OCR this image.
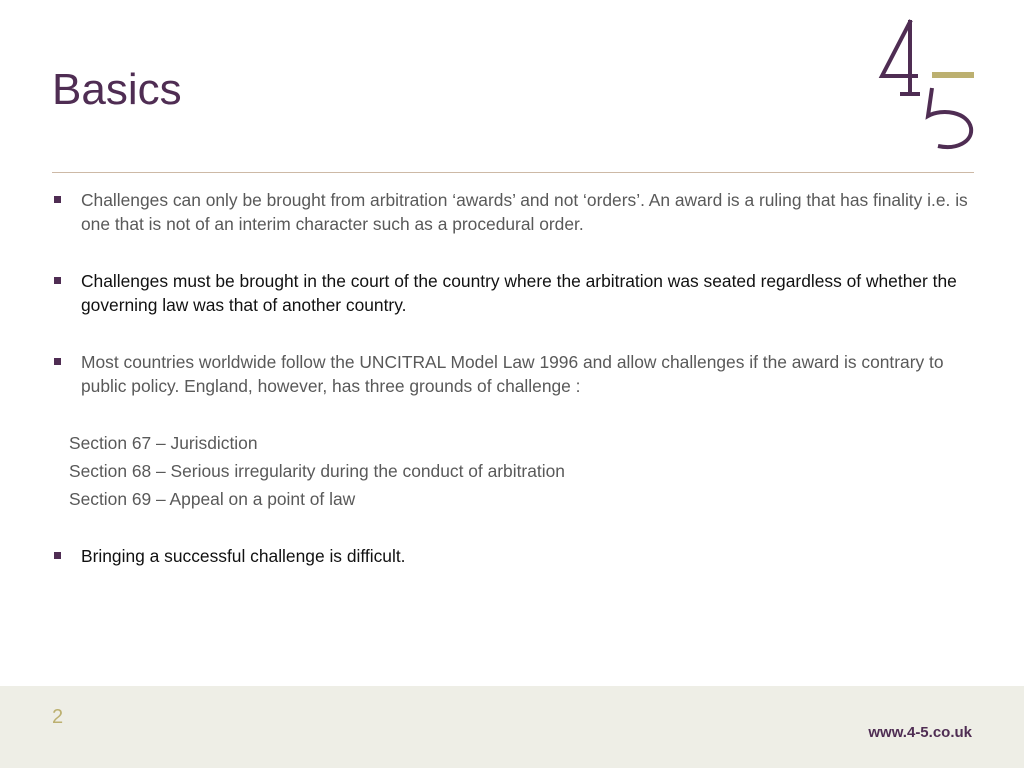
Basics
Challenges can only be brought from arbitration ‘awards’ and not ‘orders’. An award is a ruling that has finality i.e. is one that is not of an interim character such as a procedural order.
Challenges must be brought in the court of the country where the arbitration was seated regardless of whether the governing law was that of another country.
Most countries worldwide follow the UNCITRAL Model Law 1996 and allow challenges if the award is contrary to public policy. England, however, has three grounds of challenge :
Section 67 – Jurisdiction
Section 68 – Serious irregularity during the conduct of arbitration
Section 69 – Appeal on a point of law
Bringing a successful challenge is difficult.
2
www.4-5.co.uk
